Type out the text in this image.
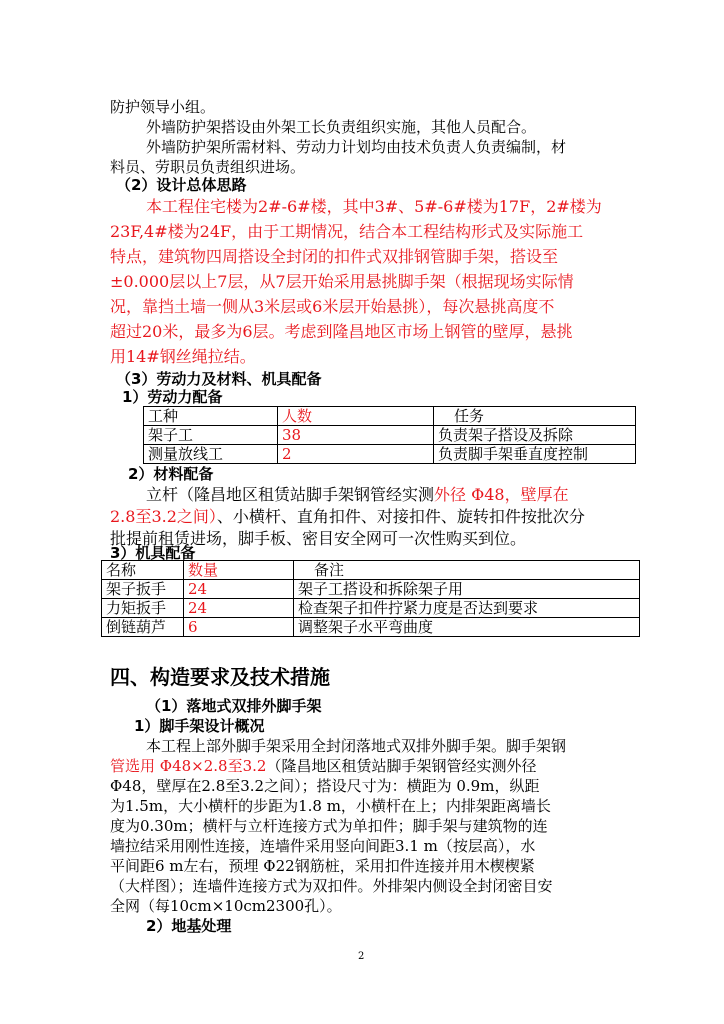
防护领导小组。
外墙防护架搭设由外架工长负责组织实施，其他人员配合。
外墙防护架所需材料、劳动力计划均由技术负责人负责编制，材
料员、劳职员负责组织进场。
（2）设计总体思路
本工程住宅楼为2#-6#楼，其中3#、5#-6#楼为17F，2#楼为
23F,4#楼为24F，由于工期情况，结合本工程结构形式及实际施工
特点，建筑物四周搭设全封闭的扣件式双排钢管脚手架，搭设至
±0.000层以上7层，从7层开始采用悬挑脚手架（根据现场实际情
况，靠挡土墙一侧从3米层或6米层开始悬挑），每次悬挑高度不
超过20米，最多为6层。考虑到隆昌地区市场上钢管的壁厚，悬挑
用14#钢丝绳拉结。
（3）劳动力及材料、机具配备
1）劳动力配备
工种	人数	任务
架子工	38	负责架子搭设及拆除
测量放线工	2	负责脚手架垂直度控制
2）材料配备
立杆（隆昌地区租赁站脚手架钢管经实测外径 Φ48，壁厚在
2.8至3.2之间）、小横杆、直角扣件、对接扣件、旋转扣件按批次分
批提前租赁进场，脚手板、密目安全网可一次性购买到位。
3）机具配备
名称	数量	备注
架子扳手	24	架子工搭设和拆除架子用
力矩扳手	24	检查架子扣件拧紧力度是否达到要求
倒链葫芦	6	调整架子水平弯曲度
四、构造要求及技术措施
（1）落地式双排外脚手架
1）脚手架设计概况
本工程上部外脚手架采用全封闭落地式双排外脚手架。脚手架钢
管选用 Φ48×2.8至3.2（隆昌地区租赁站脚手架钢管经实测外径
Φ48，壁厚在2.8至3.2之间）；搭设尺寸为：横距为 0.9m，纵距
为1.5m，大小横杆的步距为1.8 m，小横杆在上；内排架距离墙长
度为0.30m；横杆与立杆连接方式为单扣件；脚手架与建筑物的连
墙拉结采用刚性连接，连墙件采用竖向间距3.1 m（按层高），水
平间距6 m左右，预埋 Φ22钢筋桩，采用扣件连接并用木楔楔紧
（大样图）；连墙件连接方式为双扣件。外排架内侧设全封闭密目安
全网（每10cm×10cm2300孔）。
2）地基处理
2
